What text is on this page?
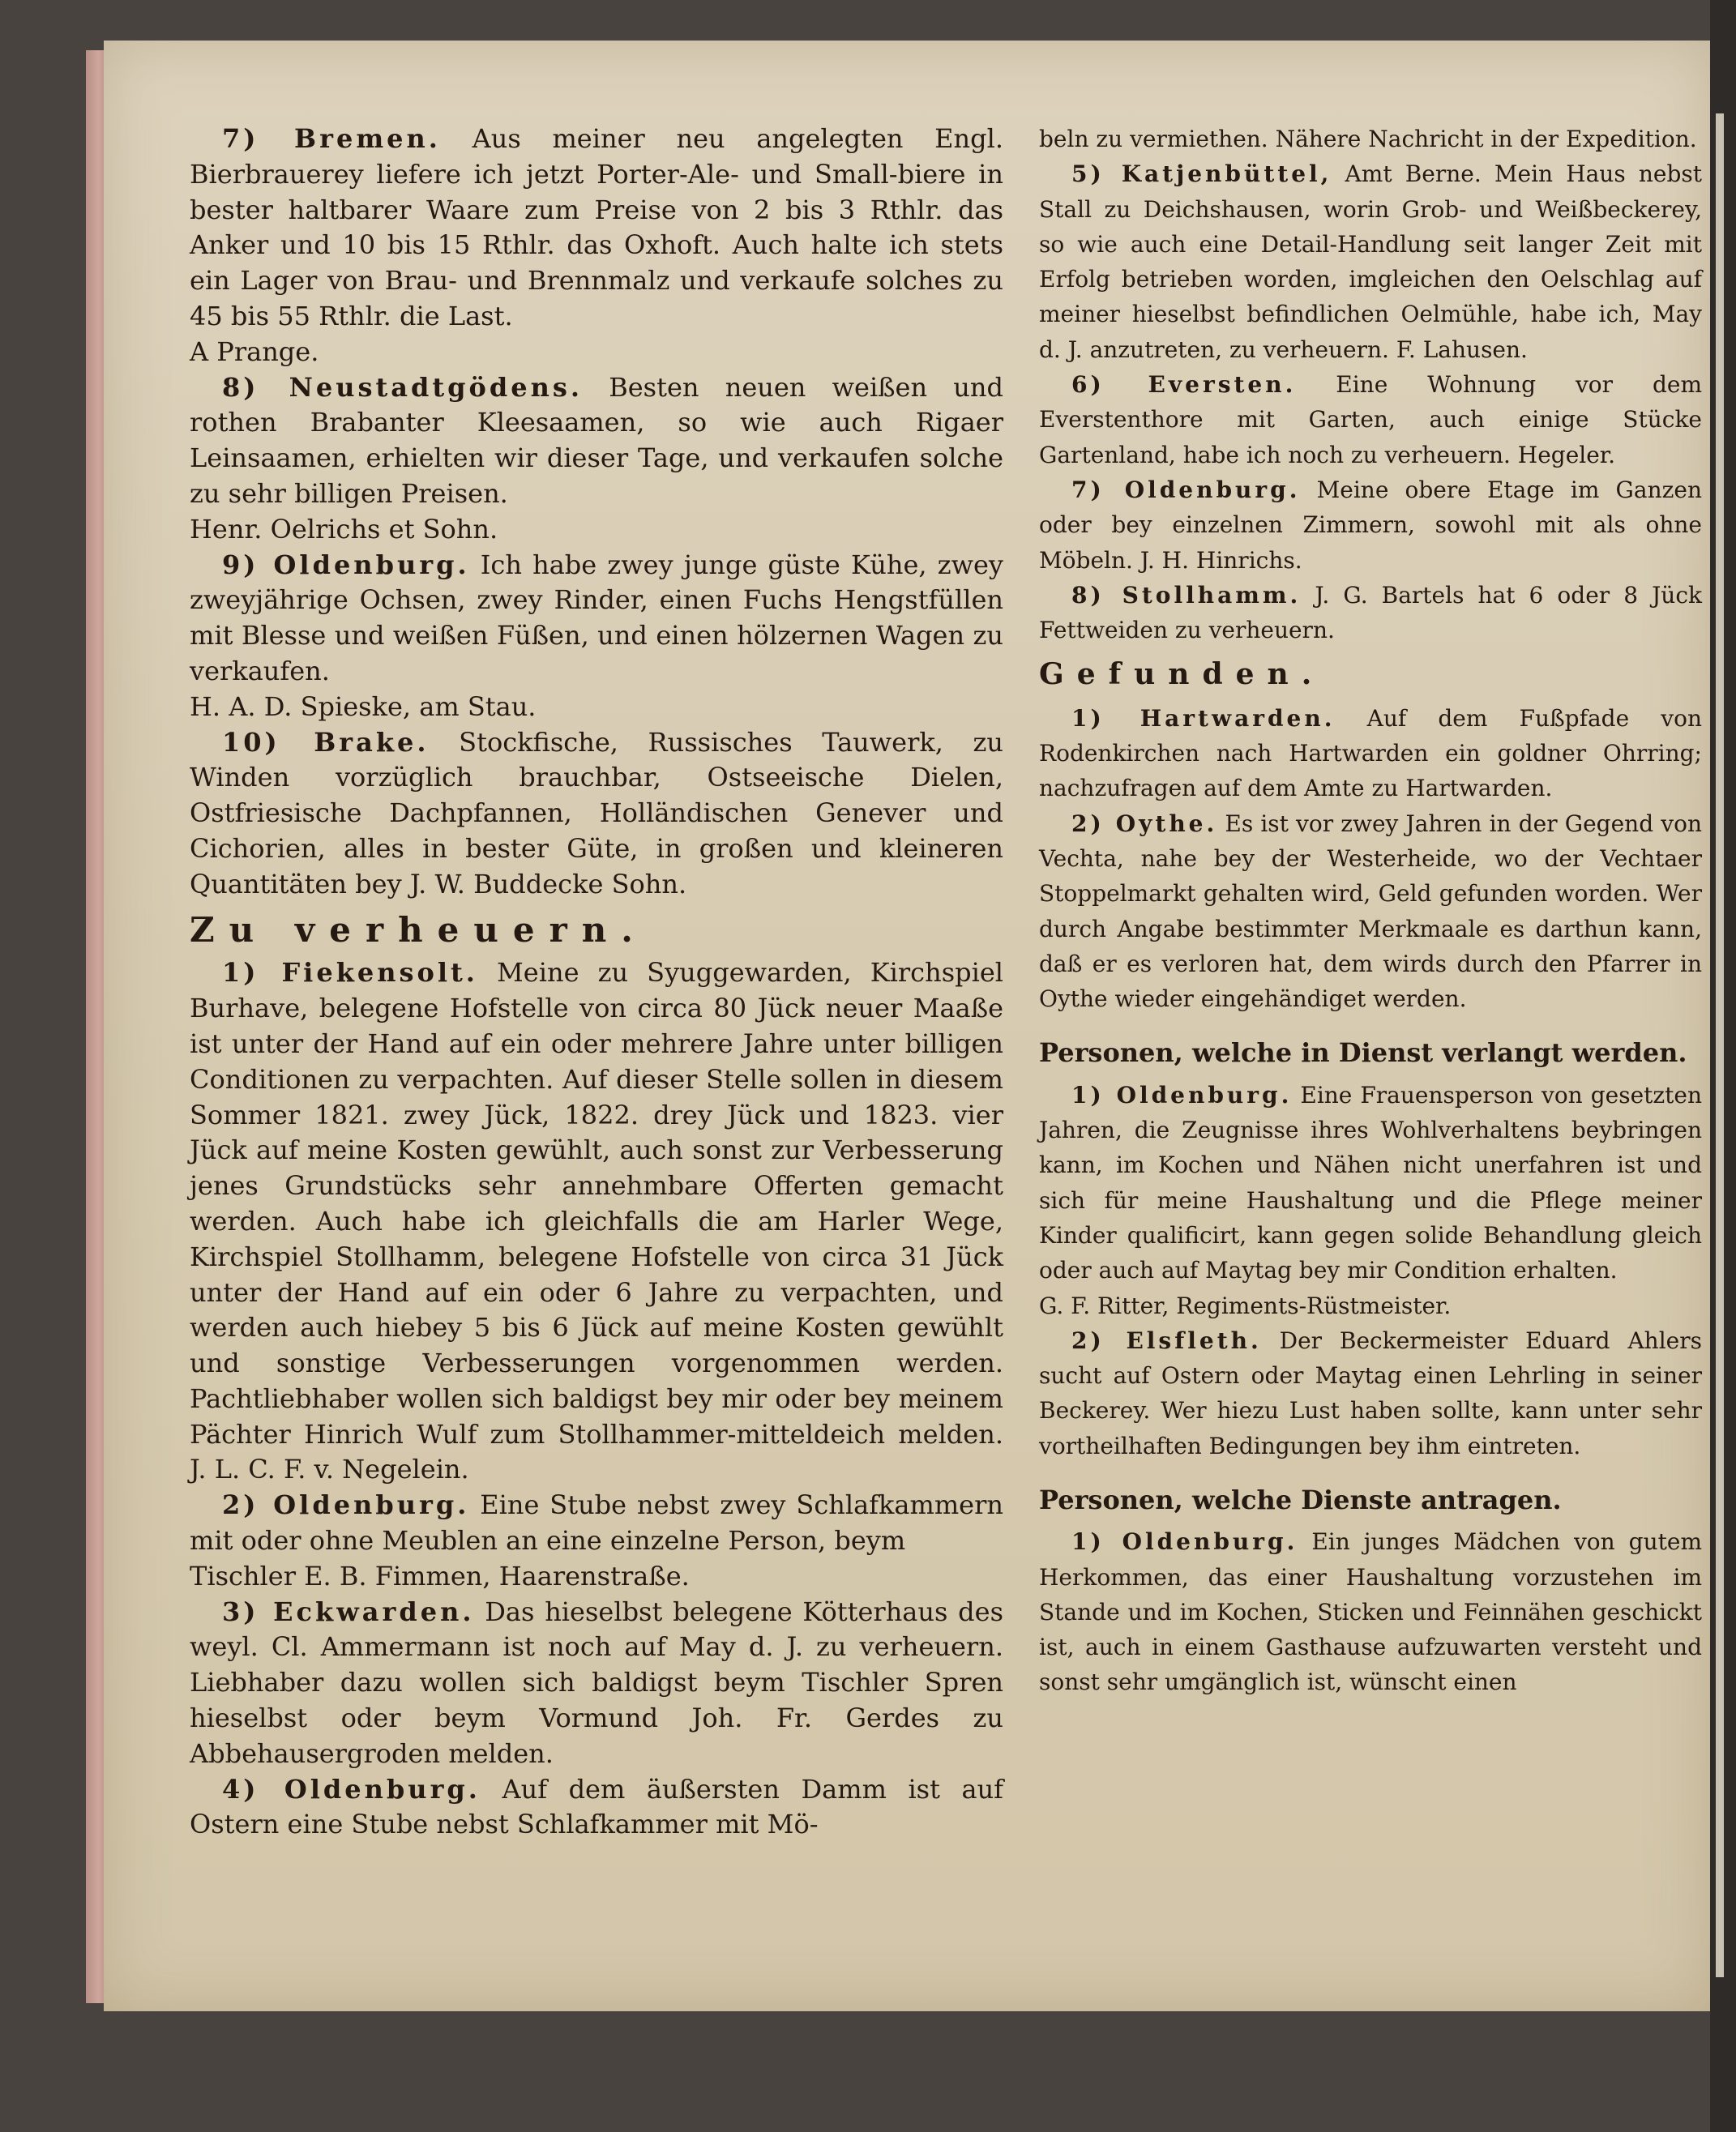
7) Bremen. Aus meiner neu angelegten Engl. Bierbrauerey liefere ich jetzt Porter-Ale- und Small-biere in bester haltbarer Waare zum Preise von 2 bis 3 Rthlr. das Anker und 10 bis 15 Rthlr. das Oxhoft. Auch halte ich stets ein Lager von Brau- und Brennmalz und verkaufe solches zu 45 bis 55 Rthlr. die Last.

A Prange.

8) Neustadtgödens. Besten neuen weißen und rothen Brabanter Kleesaamen, so wie auch Rigaer Leinsaamen, erhielten wir dieser Tage, und verkaufen solche zu sehr billigen Preisen.

Henr. Oelrichs et Sohn.

9) Oldenburg. Ich habe zwey junge güste Kühe, zwey zweyjährige Ochsen, zwey Rinder, einen Fuchs Hengstfüllen mit Blesse und weißen Füßen, und einen hölzernen Wagen zu verkaufen.

H. A. D. Spieske, am Stau.

10) Brake. Stockfische, Russisches Tauwerk, zu Winden vorzüglich brauchbar, Ostseeische Dielen, Ostfriesische Dachpfannen, Holländischen Genever und Cichorien, alles in bester Güte, in großen und kleineren Quantitäten bey J. W. Buddecke Sohn.

Zu verheuern.

1) Fiekensolt. Meine zu Syuggewarden, Kirchspiel Burhave, belegene Hofstelle von circa 80 Jück neuer Maaße ist unter der Hand auf ein oder mehrere Jahre unter billigen Conditionen zu verpachten. Auf dieser Stelle sollen in diesem Sommer 1821. zwey Jück, 1822. drey Jück und 1823. vier Jück auf meine Kosten gewühlt, auch sonst zur Verbesserung jenes Grundstücks sehr annehmbare Offerten gemacht werden. Auch habe ich gleichfalls die am Harler Wege, Kirchspiel Stollhamm, belegene Hofstelle von circa 31 Jück unter der Hand auf ein oder 6 Jahre zu verpachten, und werden auch hiebey 5 bis 6 Jück auf meine Kosten gewühlt und sonstige Verbesserungen vorgenommen werden. Pachtliebhaber wollen sich baldigst bey mir oder bey meinem Pächter Hinrich Wulf zum Stollhammer-mitteldeich melden. J. L. C. F. v. Negelein.

2) Oldenburg. Eine Stube nebst zwey Schlafkammern mit oder ohne Meublen an eine einzelne Person, beym

Tischler E. B. Fimmen, Haarenstraße.

3) Eckwarden. Das hieselbst belegene Kötterhaus des weyl. Cl. Ammermann ist noch auf May d. J. zu verheuern. Liebhaber dazu wollen sich baldigst beym Tischler Spren hieselbst oder beym Vormund Joh. Fr. Gerdes zu Abbehausergroden melden.

4) Oldenburg. Auf dem äußersten Damm ist auf Ostern eine Stube nebst Schlafkammer mit Mö-

beln zu vermiethen. Nähere Nachricht in der Expedition.

5) Katjenbüttel, Amt Berne. Mein Haus nebst Stall zu Deichshausen, worin Grob- und Weißbeckerey, so wie auch eine Detail-Handlung seit langer Zeit mit Erfolg betrieben worden, imgleichen den Oelschlag auf meiner hieselbst befindlichen Oelmühle, habe ich, May d. J. anzutreten, zu verheuern. F. Lahusen.

6) Eversten. Eine Wohnung vor dem Everstenthore mit Garten, auch einige Stücke Gartenland, habe ich noch zu verheuern. Hegeler.

7) Oldenburg. Meine obere Etage im Ganzen oder bey einzelnen Zimmern, sowohl mit als ohne Möbeln. J. H. Hinrichs.

8) Stollhamm. J. G. Bartels hat 6 oder 8 Jück Fettweiden zu verheuern.

Gefunden.

1) Hartwarden. Auf dem Fußpfade von Rodenkirchen nach Hartwarden ein goldner Ohrring; nachzufragen auf dem Amte zu Hartwarden.

2) Oythe. Es ist vor zwey Jahren in der Gegend von Vechta, nahe bey der Westerheide, wo der Vechtaer Stoppelmarkt gehalten wird, Geld gefunden worden. Wer durch Angabe bestimmter Merkmaale es darthun kann, daß er es verloren hat, dem wirds durch den Pfarrer in Oythe wieder eingehändiget werden.

Personen, welche in Dienst verlangt werden.

1) Oldenburg. Eine Frauensperson von gesetzten Jahren, die Zeugnisse ihres Wohlverhaltens beybringen kann, im Kochen und Nähen nicht unerfahren ist und sich für meine Haushaltung und die Pflege meiner Kinder qualificirt, kann gegen solide Behandlung gleich oder auch auf Maytag bey mir Condition erhalten.

G. F. Ritter, Regiments-Rüstmeister.

2) Elsfleth. Der Beckermeister Eduard Ahlers sucht auf Ostern oder Maytag einen Lehrling in seiner Beckerey. Wer hiezu Lust haben sollte, kann unter sehr vortheilhaften Bedingungen bey ihm eintreten.

Personen, welche Dienste antragen.

1) Oldenburg. Ein junges Mädchen von gutem Herkommen, das einer Haushaltung vorzustehen im Stande und im Kochen, Sticken und Feinnähen geschickt ist, auch in einem Gasthause aufzuwarten versteht und sonst sehr umgänglich ist, wünscht einen
